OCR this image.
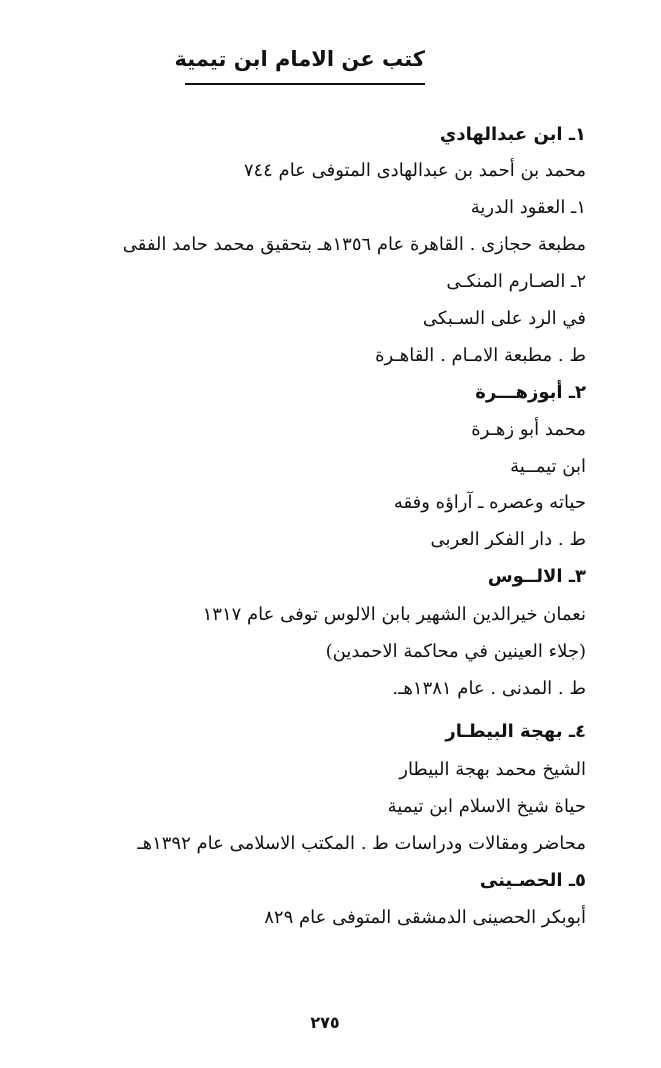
كتب عن الامام ابن تيمية
١ـ ابن عبدالهادي
محمد بن أحمد بن عبدالهادى المتوفى عام ٧٤٤
١ـ العقود الدرية
مطبعة حجازى . القاهرة عام ١٣٥٦هـ بتحقيق محمد حامد الفقى
٢ـ الصـارم المنكـى
في الرد على السـبكى
ط . مطبعة الامـام . القاهـرة
٢ـ أبوزهـــرة
محمد أبو زهـرة
ابن تيمــية
حياته وعصره ـ آراؤه وفقه
ط . دار الفكر العربى
٣ـ الالــوس
نعمان خيرالدين الشهير بابن الالوس توفى عام ١٣١٧
(جلاء العينين في محاكمة الاحمدين)
ط . المدنى . عام ١٣٨١هـ.
٤ـ بهجة البيطـار
الشيخ محمد بهجة البيطار
حياة شيخ الاسلام ابن تيمية
محاضر ومقالات ودراسات ط . المكتب الاسلامى عام ١٣٩٢هـ
٥ـ الحصـينى
أبوبكر الحصينى الدمشقى المتوفى عام ٨٢٩
٢٧٥
